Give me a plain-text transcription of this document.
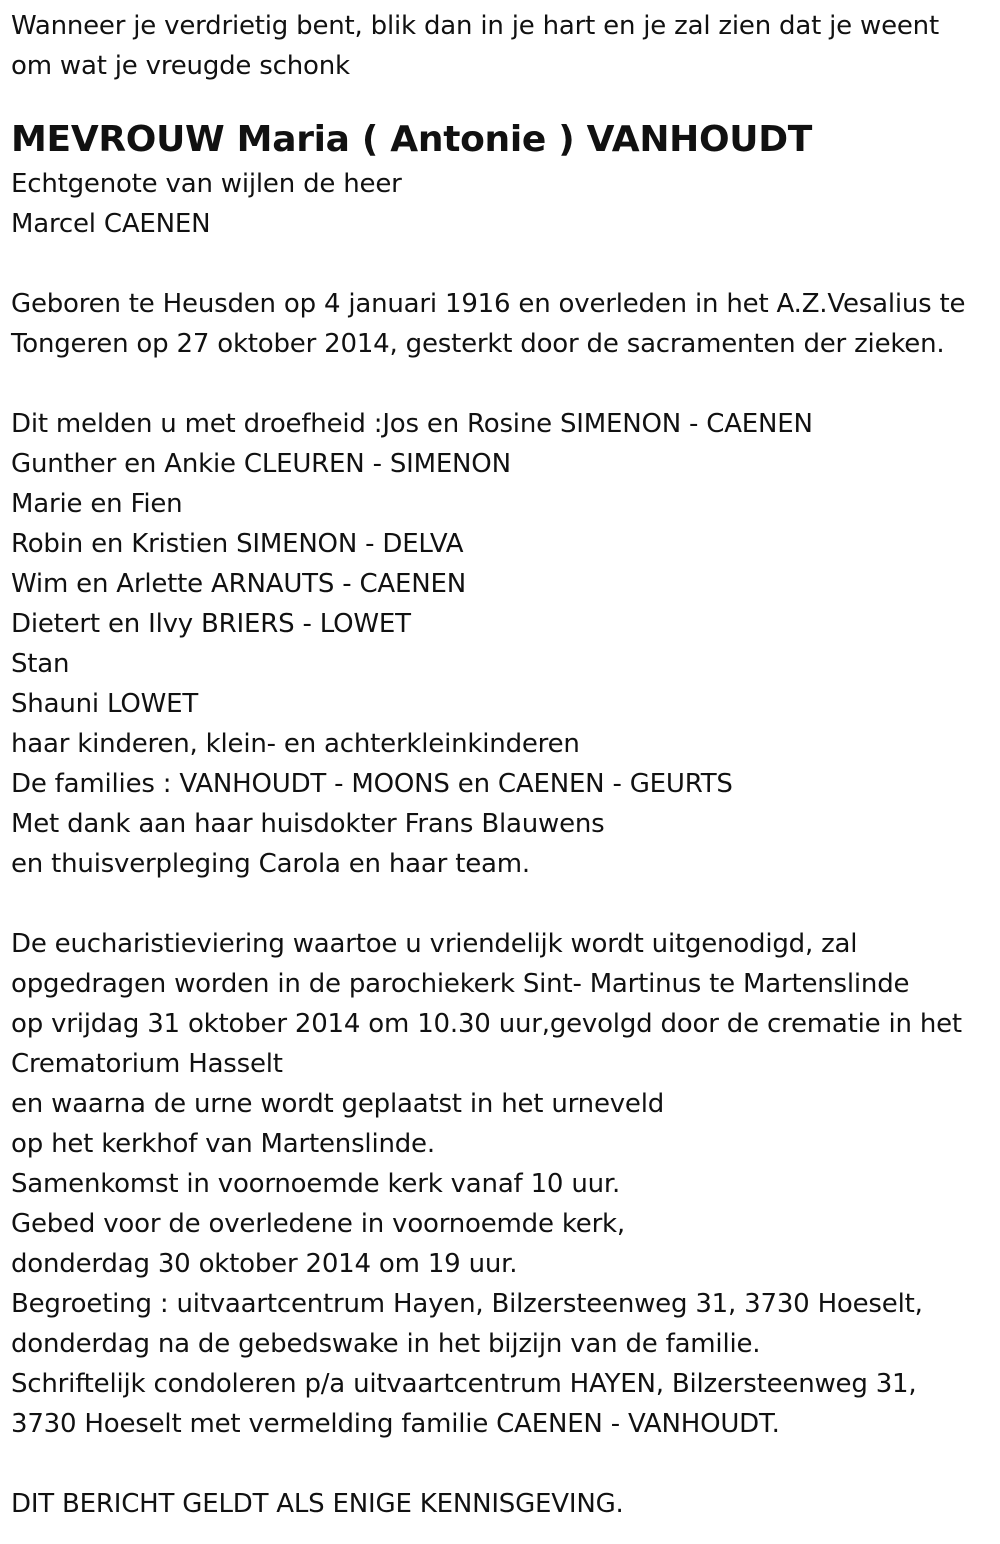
Wanneer je verdrietig bent, blik dan in je hart en je zal zien dat je weent
om wat je vreugde schonk
MEVROUW Maria ( Antonie ) VANHOUDT
Echtgenote van wijlen de heer
Marcel CAENEN
Geboren te Heusden op 4 januari 1916 en overleden in het A.Z.Vesalius te
Tongeren op 27 oktober 2014, gesterkt door de sacramenten der zieken.
Dit melden u met droefheid :Jos en Rosine SIMENON - CAENEN
Gunther en Ankie CLEUREN - SIMENON
Marie en Fien
Robin en Kristien SIMENON - DELVA
Wim en Arlette ARNAUTS - CAENEN
Dietert en Ilvy BRIERS - LOWET
Stan
Shauni LOWET
haar kinderen, klein- en achterkleinkinderen
De families : VANHOUDT - MOONS en CAENEN - GEURTS
Met dank aan haar huisdokter Frans Blauwens
en thuisverpleging Carola en haar team.
De eucharistieviering waartoe u vriendelijk wordt uitgenodigd, zal
opgedragen worden in de parochiekerk Sint- Martinus te Martenslinde
op vrijdag 31 oktober 2014 om 10.30 uur,gevolgd door de crematie in het
Crematorium Hasselt
en waarna de urne wordt geplaatst in het urneveld
op het kerkhof van Martenslinde.
Samenkomst in voornoemde kerk vanaf 10 uur.
Gebed voor de overledene in voornoemde kerk,
donderdag 30 oktober 2014 om 19 uur.
Begroeting : uitvaartcentrum Hayen, Bilzersteenweg 31, 3730 Hoeselt,
donderdag na de gebedswake in het bijzijn van de familie.
Schriftelijk condoleren p/a uitvaartcentrum HAYEN, Bilzersteenweg 31,
3730 Hoeselt met vermelding familie CAENEN - VANHOUDT.
DIT BERICHT GELDT ALS ENIGE KENNISGEVING.
